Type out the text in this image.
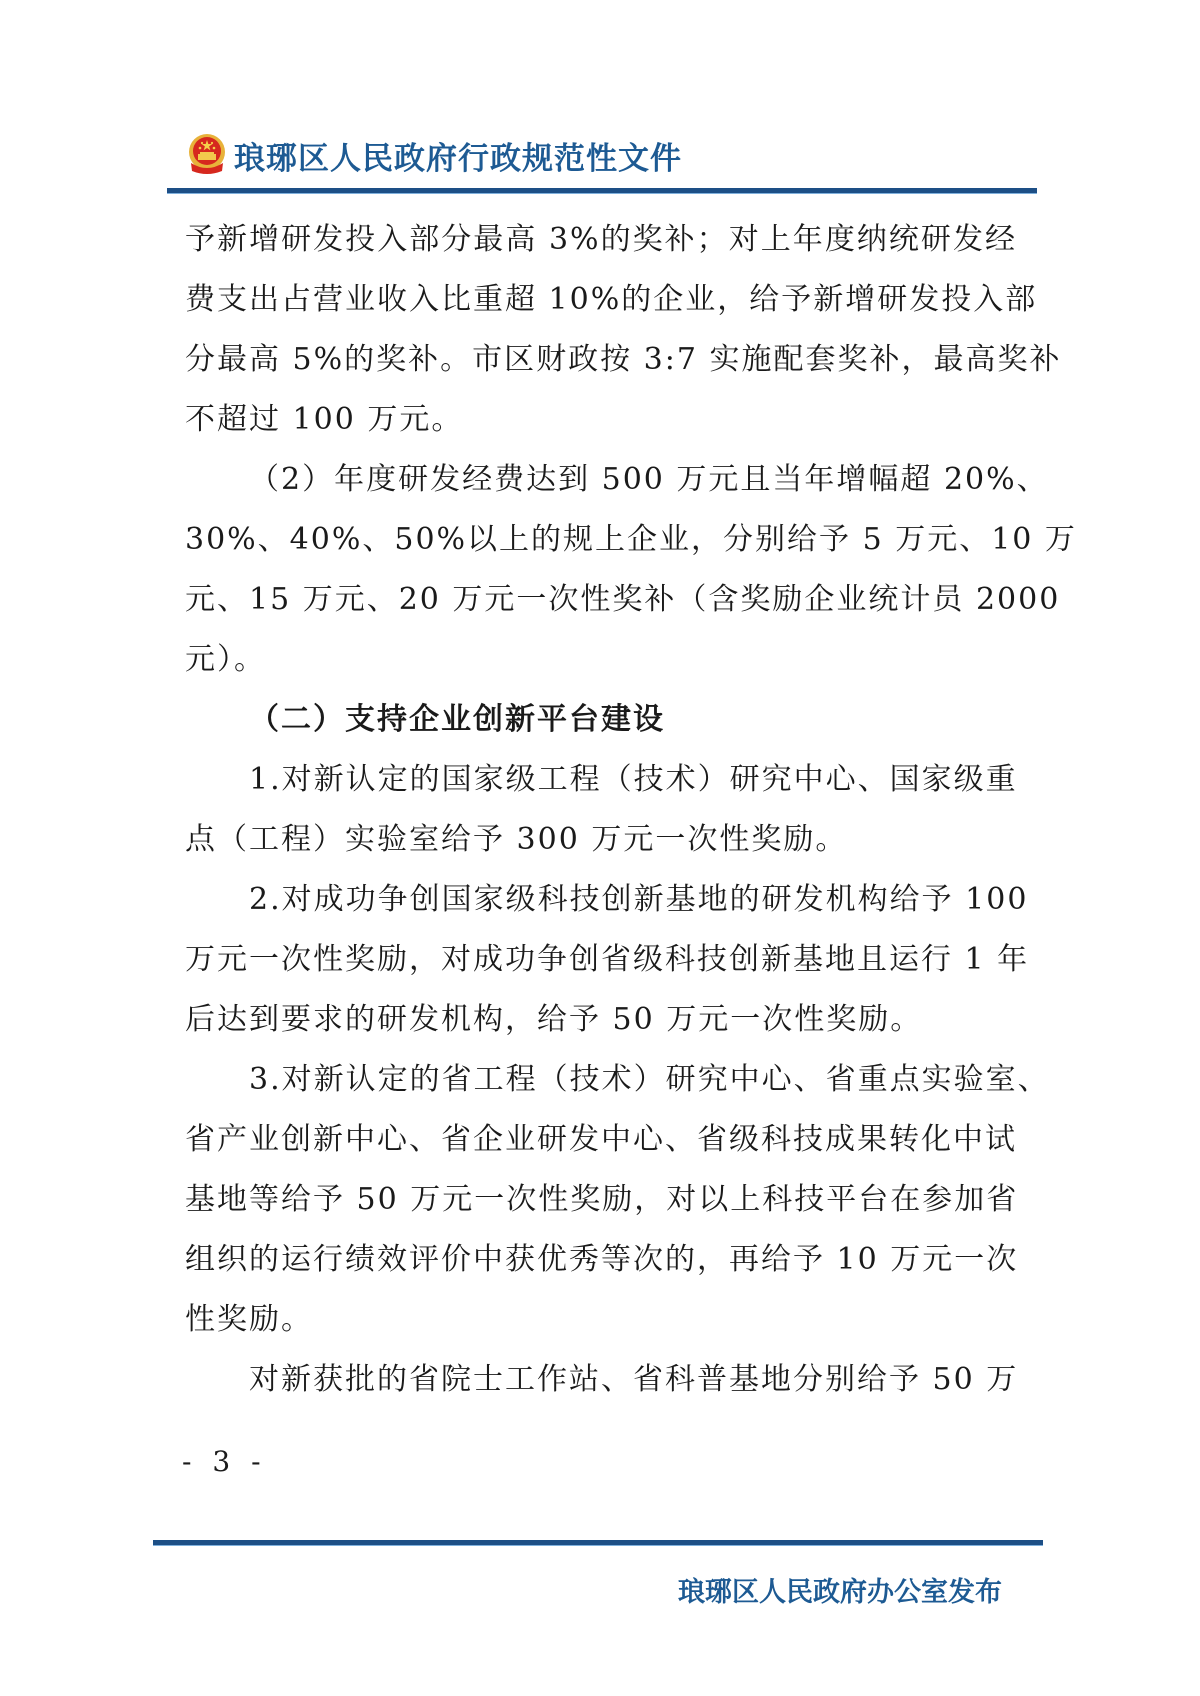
琅琊区人民政府行政规范性文件
予新增研发投入部分最高 3%的奖补；对上年度纳统研发经
费支出占营业收入比重超 10%的企业，给予新增研发投入部
分最高 5%的奖补。市区财政按 3:7 实施配套奖补，最高奖补
不超过 100 万元。
（2）年度研发经费达到 500 万元且当年增幅超 20%、
30%、40%、50%以上的规上企业，分别给予 5 万元、10 万
元、15 万元、20 万元一次性奖补（含奖励企业统计员 2000
元）。
（二）支持企业创新平台建设
1.对新认定的国家级工程（技术）研究中心、国家级重
点（工程）实验室给予 300 万元一次性奖励。
2.对成功争创国家级科技创新基地的研发机构给予 100
万元一次性奖励，对成功争创省级科技创新基地且运行 1 年
后达到要求的研发机构，给予 50 万元一次性奖励。
3.对新认定的省工程（技术）研究中心、省重点实验室、
省产业创新中心、省企业研发中心、省级科技成果转化中试
基地等给予 50 万元一次性奖励，对以上科技平台在参加省
组织的运行绩效评价中获优秀等次的，再给予 10 万元一次
性奖励。
对新获批的省院士工作站、省科普基地分别给予 50 万
- 3 -
琅琊区人民政府办公室发布
